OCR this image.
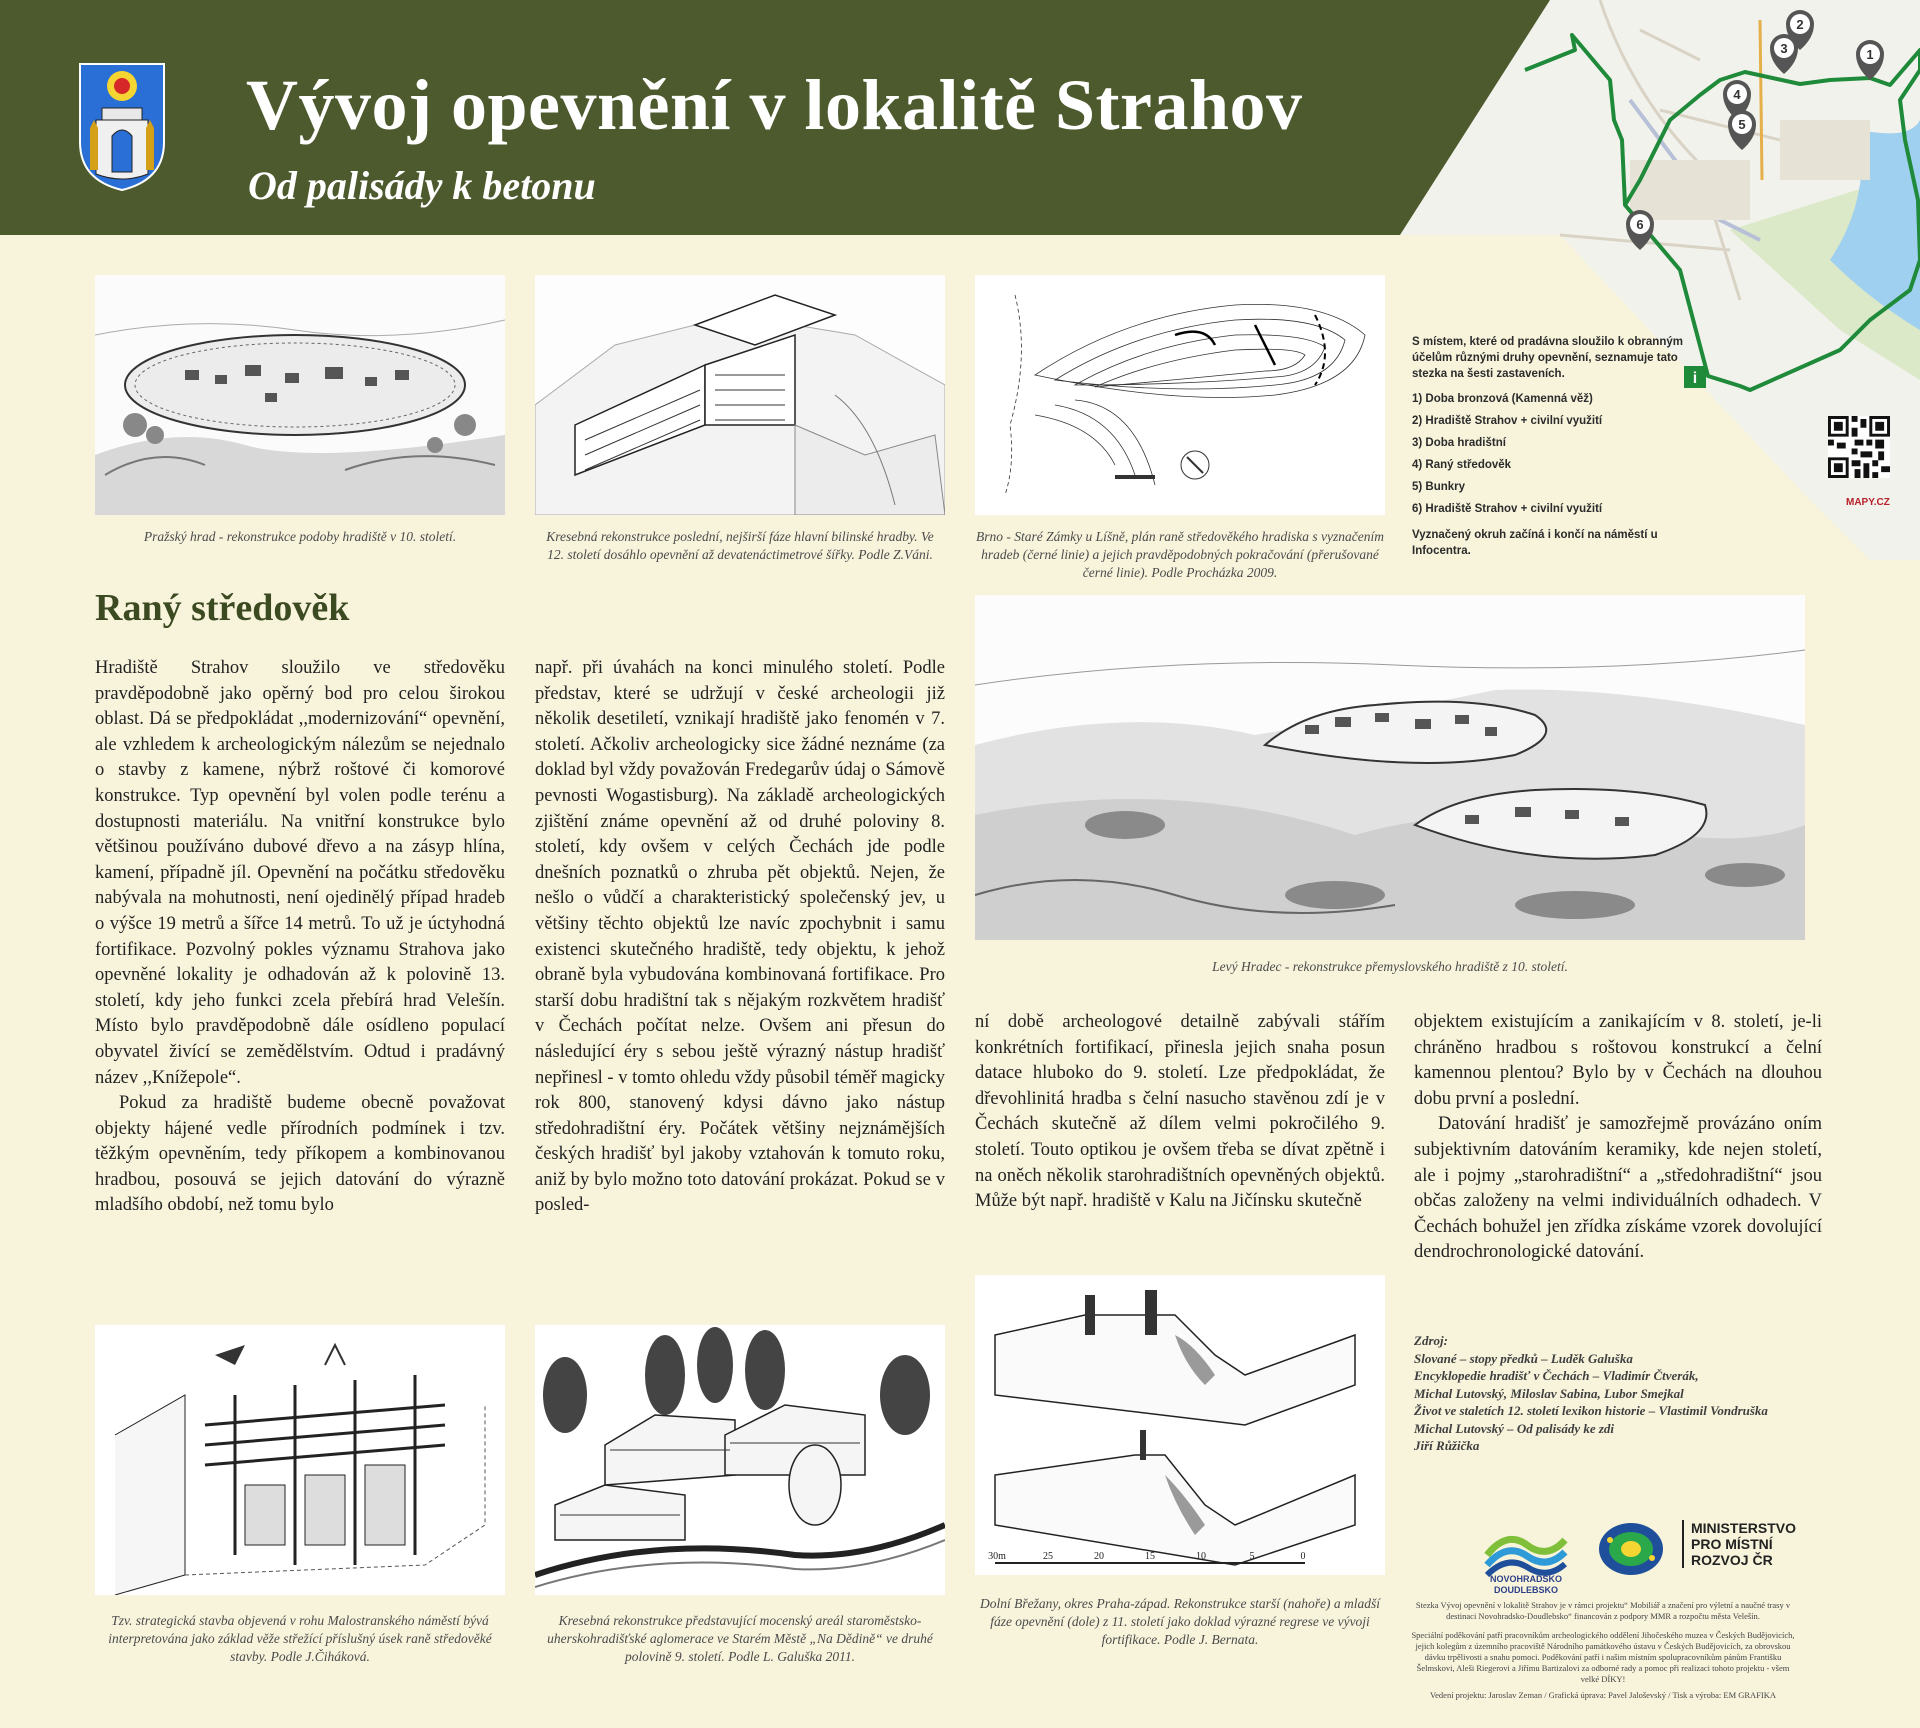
Vývoj opevnění v lokalitě Strahov
Od palisády k betonu
1
2
3
4
5
6
i

S místem, které od pradávna sloužilo k obranným účelům různými druhy opevnění, seznamuje tato stezka na šesti zastaveních.

1) Doba bronzová (Kamenná věž)
2) Hradiště Strahov + civilní využití
3) Doba hradištní
4) Raný středověk
5) Bunkry
6) Hradiště Strahov + civilní využití

Vyznačený okruh začíná i končí na náměstí u Infocentra.

MAPY.CZ

Pražský hrad - rekonstrukce podoby hradiště v 10. století.	Kresebná rekonstrukce poslední, nejširší fáze hlavní bilinské hradby. Ve 12. století dosáhlo opevnění až devatenáctimetrové šířky. Podle Z.Váni.

Brno - Staré Zámky u Líšně, plán raně středověkého hradiska s vyznačením hradeb (černé linie) a jejich pravděpodobných pokračování (přerušované černé linie). Podle Procházka 2009.

Raný středověk

Hradiště Strahov sloužilo ve středověku pravděpodobně jako opěrný bod pro celou širokou oblast. Dá se předpokládat ,,modernizování“ opevnění, ale vzhledem k archeologickým nálezům se nejednalo o stavby z kamene, nýbrž roštové či komorové konstrukce. Typ opevnění byl volen podle terénu a dostupnosti materiálu. Na vnitřní konstrukce bylo většinou používáno dubové dřevo a na zásyp hlína, kamení, případně jíl. Opevnění na počátku středověku nabývala na mohutnosti, není ojedinělý případ hradeb o výšce 19 metrů a šířce 14 metrů. To už je úctyhodná fortifikace. Pozvolný pokles významu Strahova jako opevněné lokality je odhadován až k polovině 13. století, kdy jeho funkci zcela přebírá hrad Velešín. Místo bylo pravděpodobně dále osídleno populací obyvatel živící se zemědělstvím. Odtud i pradávný název ,,Knížepole“.

Pokud za hradiště budeme obecně považovat objekty hájené vedle přírodních podmínek i tzv. těžkým opevněním, tedy příkopem a kombinovanou hradbou, posouvá se jejich datování do výrazně mladšího období, než tomu bylo

např. při úvahách na konci minulého století. Podle představ, které se udržují v české archeologii již několik desetiletí, vznikají hradiště jako fenomén v 7. století. Ačkoliv archeologicky sice žádné neznáme (za doklad byl vždy považován Fredegarův údaj o Sámově pevnosti Wogastisburg). Na základě archeologických zjištění známe opevnění až od druhé poloviny 8. století, kdy ovšem v celých Čechách jde podle dnešních poznatků o zhruba pět objektů. Nejen, že nešlo o vůdčí a charakteristický společenský jev, u většiny těchto objektů lze navíc zpochybnit i samu existenci skutečného hradiště, tedy objektu, k jehož obraně byla vybudována kombinovaná fortifikace. Pro starší dobu hradištní tak s nějakým rozkvětem hradišť v Čechách počítat nelze. Ovšem ani přesun do následující éry s sebou ještě výrazný nástup hradišť nepřinesl - v tomto ohledu vždy působil téměř magicky rok 800, stanovený kdysi dávno jako nástup středohradištní éry. Počátek většiny nejznámějších českých hradišť byl jakoby vztahován k tomuto roku, aniž by bylo možno toto datování prokázat. Pokud se v posled-

Levý Hradec - rekonstrukce přemyslovského hradiště z 10. století.

ní době archeologové detailně zabývali stářím konkrétních fortifikací, přinesla jejich snaha posun datace hluboko do 9. století. Lze předpokládat, že dřevohlinitá hradba s čelní nasucho stavěnou zdí je v Čechách skutečně až dílem velmi pokročilého 9. století. Touto optikou je ovšem třeba se dívat zpětně i na oněch několik starohradištních opevněných objektů. Může být např. hradiště v Kalu na Jičínsku skutečně

objektem existujícím a zanikajícím v 8. století, je-li chráněno hradbou s roštovou konstrukcí a čelní kamennou plentou? Bylo by v Čechách na dlouhou dobu první a poslední.

Datování hradišť je samozřejmě provázáno oním subjektivním datováním keramiky, kde nejen století, ale i pojmy „starohradištní“ a „středohradištní“ jsou občas založeny na velmi individuálních odhadech. V Čechách bohužel jen zřídka získáme vzorek dovolující dendrochronologické datování.

Tzv. strategická stavba objevená v rohu Malostranského náměstí bývá interpretována jako základ věže střežící příslušný úsek raně středověké stavby. Podle J.Čiháková.

Kresebná rekonstrukce představující mocenský areál staroměstsko-uherskohradišťské aglomerace ve Starém Městě „Na Dědině“ ve druhé polovině 9. století. Podle L. Galuška 2011.

30m	25	20	15	10	5	0

Dolní Břežany, okres Praha-západ. Rekonstrukce starší (nahoře) a mladší fáze opevnění (dole) z 11. století jako doklad výrazné regrese ve vývoji fortifikace. Podle J. Bernata.

Zdroj:
Slované – stopy předků – Luděk Galuška
Encyklopedie hradišť v Čechách – Vladimír Čtverák,
Michal Lutovský, Miloslav Sabina, Lubor Smejkal
Život ve staletích 12. století lexikon historie – Vlastimil Vondruška
Michal Lutovský – Od palisády ke zdi
Jiří Růžička
NOVOHRADSKO
DOUDLEBSKO
MINISTERSTVO
PRO MÍSTNÍ
ROZVOJ ČR

Stezka Vývoj opevnění v lokalitě Strahov je v rámci projektu“ Mobiliář a značení pro výletní a naučné trasy v destinaci Novohradsko-Doudlebsko“ financován z podpory MMR a rozpočtu města Velešín.

Speciální poděkování patří pracovníkům archeologického oddělení Jihočeského muzea v Českých Budějovicích, jejich kolegům z územního pracoviště Národního památkového ústavu v Českých Budějovicích, za obrovskou dávku trpělivosti a snahu pomoci. Poděkování patří i našim místním spolupracovníkům pánům Františku Šelmskovi, Aleši Riegerovi a Jiřímu Bartizalovi za odborné rady a pomoc při realizaci tohoto projektu - všem velké DÍKY!

Vedení projektu: Jaroslav Zeman / Grafická úprava: Pavel Jaloševský / Tisk a výroba: EM GRAFIKA
